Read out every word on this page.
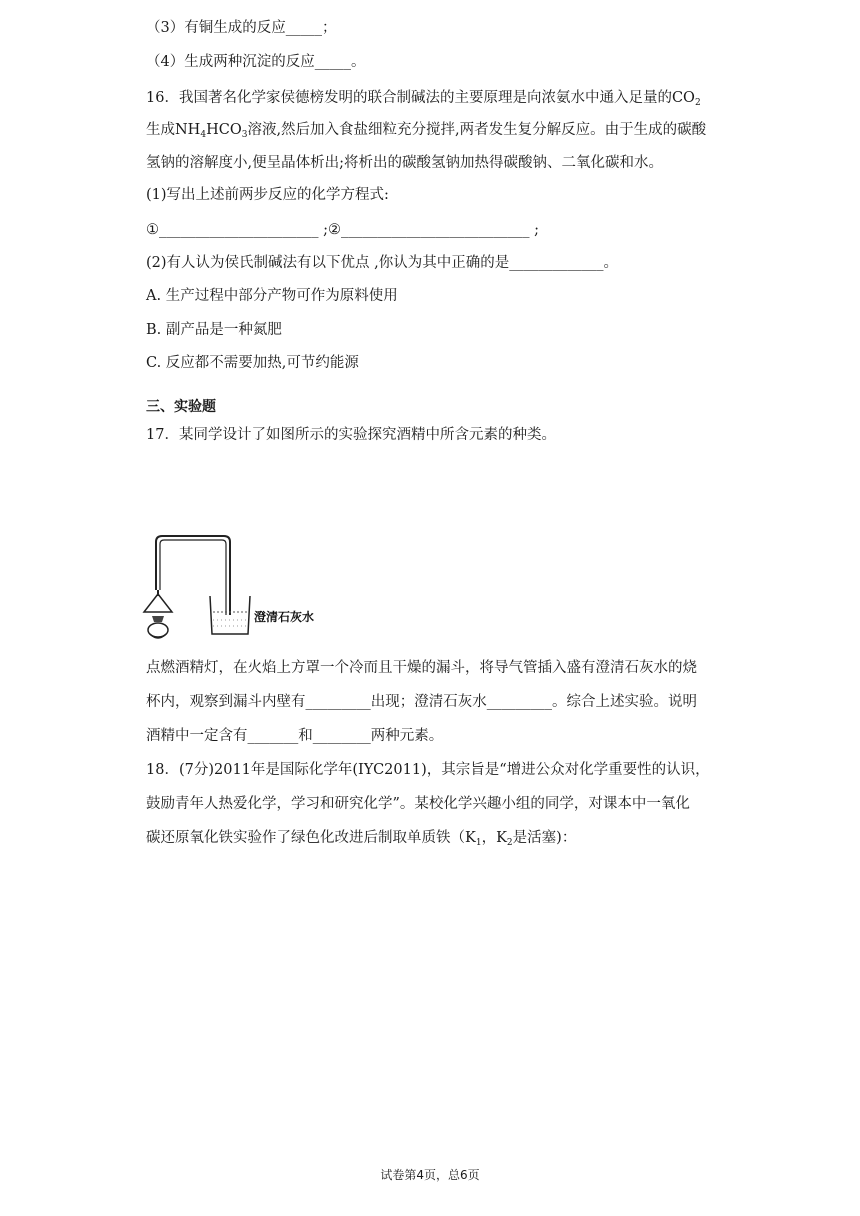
（3）有铜生成的反应_____；
（4）生成两种沉淀的反应_____。
16．我国著名化学家侯德榜发明的联合制碱法的主要原理是向浓氨水中通入足量的$CO_2$
生成$NH_4HCO_3$溶液,然后加入食盐细粒充分搅拌,两者发生复分解反应。由于生成的碳酸
氢钠的溶解度小,便呈晶体析出;将析出的碳酸氢钠加热得碳酸钠、二氧化碳和水。
(1)写出上述前两步反应的化学方程式:
①______________________ ;②__________________________ ;
(2)有人认为侯氏制碱法有以下优点 ,你认为其中正确的是_____________。
A. 生产过程中部分产物可作为原料使用
B. 副产品是一种氮肥
C. 反应都不需要加热,可节约能源
三、实验题
17．某同学设计了如图所示的实验探究酒精中所含元素的种类。
澄清石灰水
点燃酒精灯，在火焰上方罩一个冷而且干燥的漏斗，将导气管插入盛有澄清石灰水的烧
杯内，观察到漏斗内壁有_________出现；澄清石灰水_________。综合上述实验。说明
酒精中一定含有_______和________两种元素。
18．(7分)2011年是国际化学年(IYC2011)，其宗旨是“增进公众对化学重要性的认识，
鼓励青年人热爱化学，学习和研究化学”。某校化学兴趣小组的同学，对课本中一氧化
碳还原氧化铁实验作了绿色化改进后制取单质铁（$K_1$，$K_2$是活塞)：
试卷第4页，总6页
